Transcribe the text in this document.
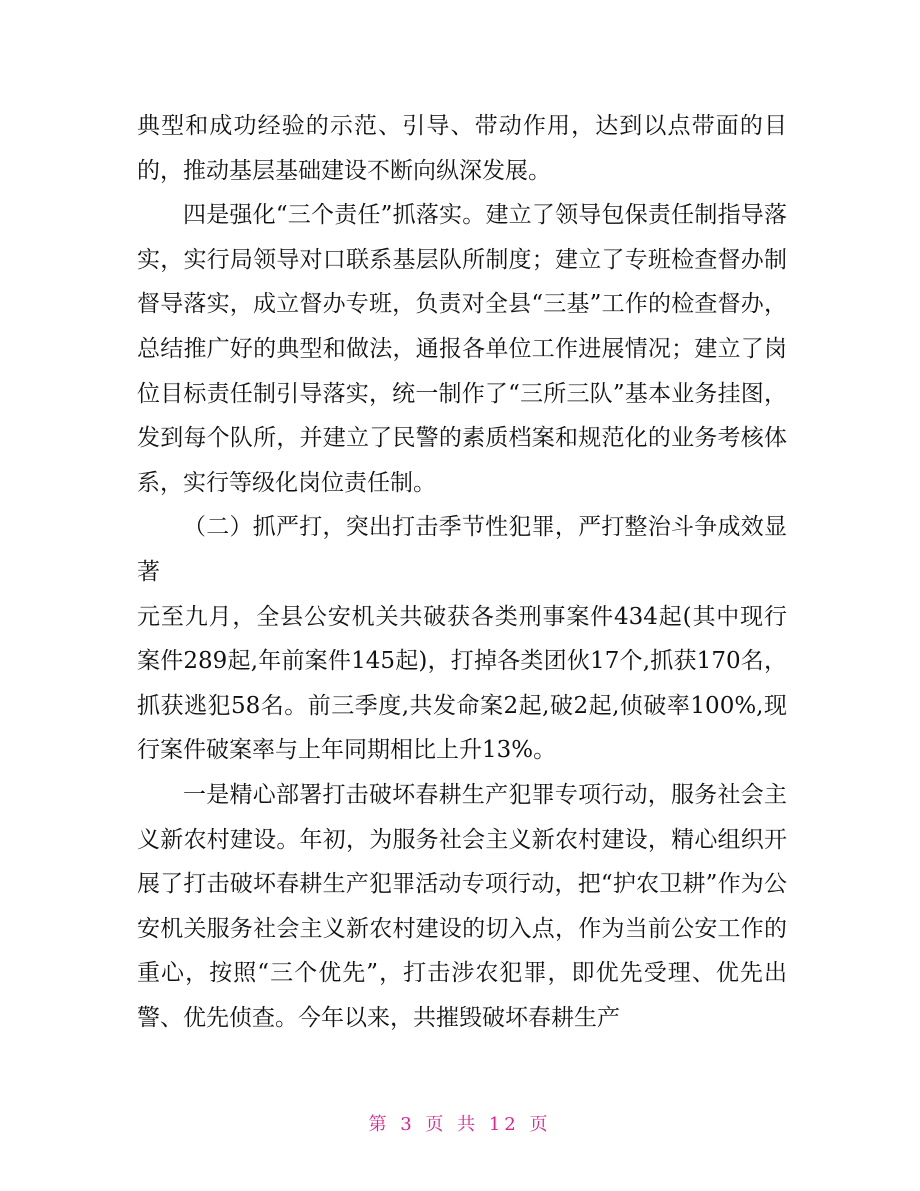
典型和成功经验的示范、引导、带动作用，达到以点带面的目的，推动基层基础建设不断向纵深发展。

四是强化“三个责任”抓落实。建立了领导包保责任制指导落实，实行局领导对口联系基层队所制度；建立了专班检查督办制督导落实，成立督办专班，负责对全县“三基”工作的检查督办，总结推广好的典型和做法，通报各单位工作进展情况；建立了岗位目标责任制引导落实，统一制作了“三所三队”基本业务挂图，发到每个队所，并建立了民警的素质档案和规范化的业务考核体系，实行等级化岗位责任制。

（二）抓严打，突出打击季节性犯罪，严打整治斗争成效显著

元至九月，全县公安机关共破获各类刑事案件434起(其中现行案件289起,年前案件145起)，打掉各类团伙17个,抓获170名，抓获逃犯58名。前三季度,共发命案2起,破2起,侦破率100%,现行案件破案率与上年同期相比上升13%。

一是精心部署打击破坏春耕生产犯罪专项行动，服务社会主义新农村建设。年初，为服务社会主义新农村建设，精心组织开展了打击破坏春耕生产犯罪活动专项行动，把“护农卫耕”作为公安机关服务社会主义新农村建设的切入点，作为当前公安工作的重心，按照“三个优先”，打击涉农犯罪，即优先受理、优先出警、优先侦查。今年以来，共摧毁破坏春耕生产

第 3 页 共 12 页
